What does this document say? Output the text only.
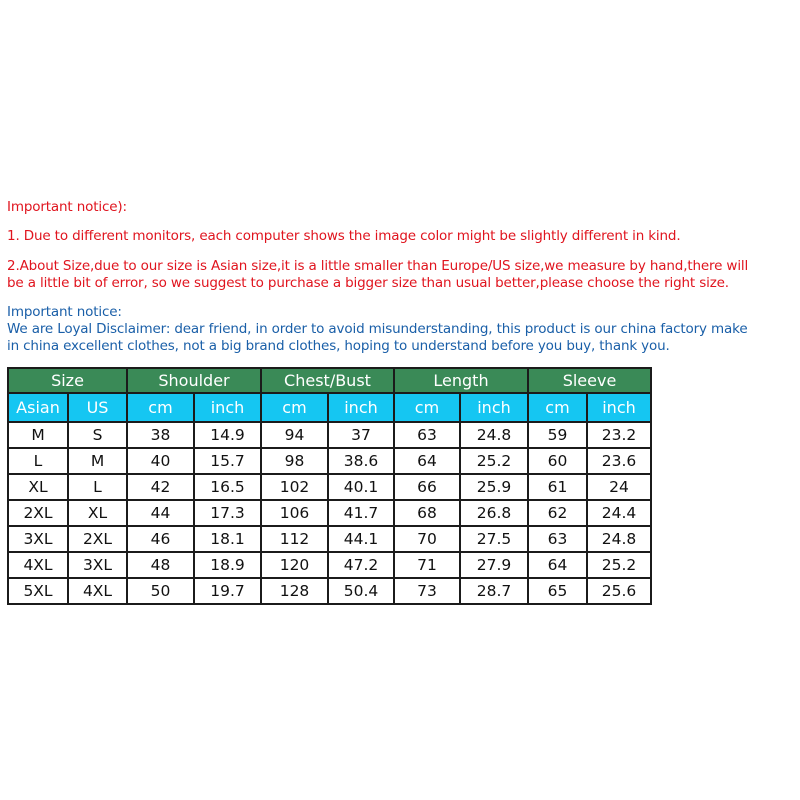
Important notice):
1. Due to different monitors, each computer shows the image color might be slightly different in kind.
2.About Size,due to our size is Asian size,it is a little smaller than Europe/US size,we measure by hand,there will
be a little bit of error, so we suggest to purchase a bigger size than usual better,please choose the right size.
Important notice:
We are Loyal Disclaimer: dear friend, in order to avoid misunderstanding, this product is our china factory make
in china excellent clothes, not a big brand clothes, hoping to understand before you buy, thank you.
Size		Shoulder		Chest/Bust		Length		Sleeve	
Asian	US	cm	inch	cm	inch	cm	inch	cm	inch
M	S	38	14.9	94	37	63	24.8	59	23.2
L	M	40	15.7	98	38.6	64	25.2	60	23.6
XL	L	42	16.5	102	40.1	66	25.9	61	24
2XL	XL	44	17.3	106	41.7	68	26.8	62	24.4
3XL	2XL	46	18.1	112	44.1	70	27.5	63	24.8
4XL	3XL	48	18.9	120	47.2	71	27.9	64	25.2
5XL	4XL	50	19.7	128	50.4	73	28.7	65	25.6
